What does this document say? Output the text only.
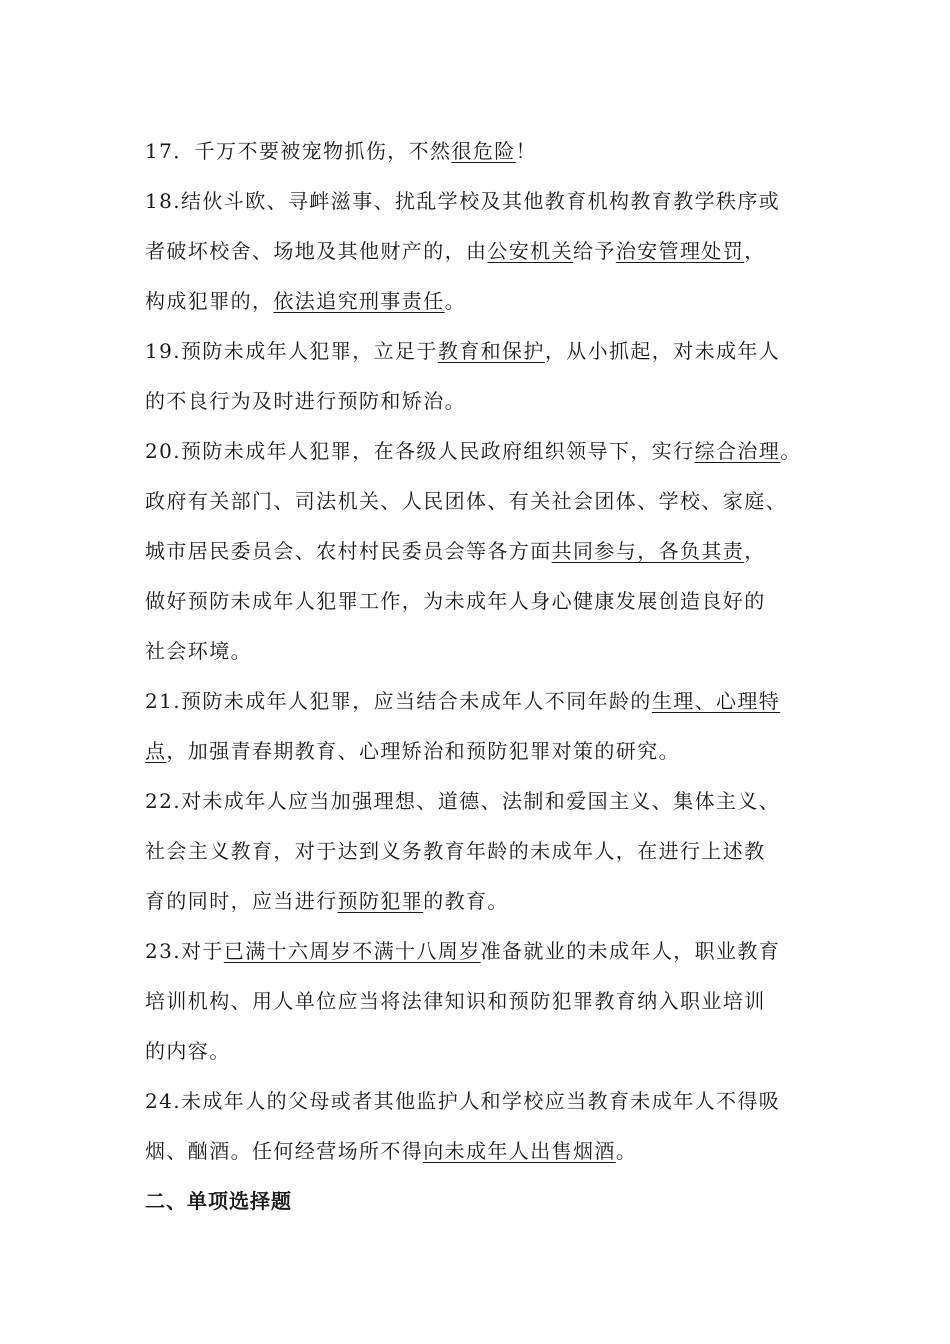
17．千万不要被宠物抓伤，不然很危险！
18.结伙斗欧、寻衅滋事、扰乱学校及其他教育机构教育教学秩序或
者破坏校舍、场地及其他财产的，由公安机关给予治安管理处罚，
构成犯罪的，依法追究刑事责任。
19.预防未成年人犯罪，立足于教育和保护，从小抓起，对未成年人
的不良行为及时进行预防和矫治。
20.预防未成年人犯罪，在各级人民政府组织领导下，实行综合治理。
政府有关部门、司法机关、人民团体、有关社会团体、学校、家庭、
城市居民委员会、农村村民委员会等各方面共同参与，各负其责，
做好预防未成年人犯罪工作，为未成年人身心健康发展创造良好的
社会环境。
21.预防未成年人犯罪，应当结合未成年人不同年龄的生理、心理特
点，加强青春期教育、心理矫治和预防犯罪对策的研究。
22.对未成年人应当加强理想、道德、法制和爱国主义、集体主义、
社会主义教育，对于达到义务教育年龄的未成年人，在进行上述教
育的同时，应当进行预防犯罪的教育。
23.对于已满十六周岁不满十八周岁准备就业的未成年人，职业教育
培训机构、用人单位应当将法律知识和预防犯罪教育纳入职业培训
的内容。
24.未成年人的父母或者其他监护人和学校应当教育未成年人不得吸
烟、酗酒。任何经营场所不得向未成年人出售烟酒。
二、单项选择题
